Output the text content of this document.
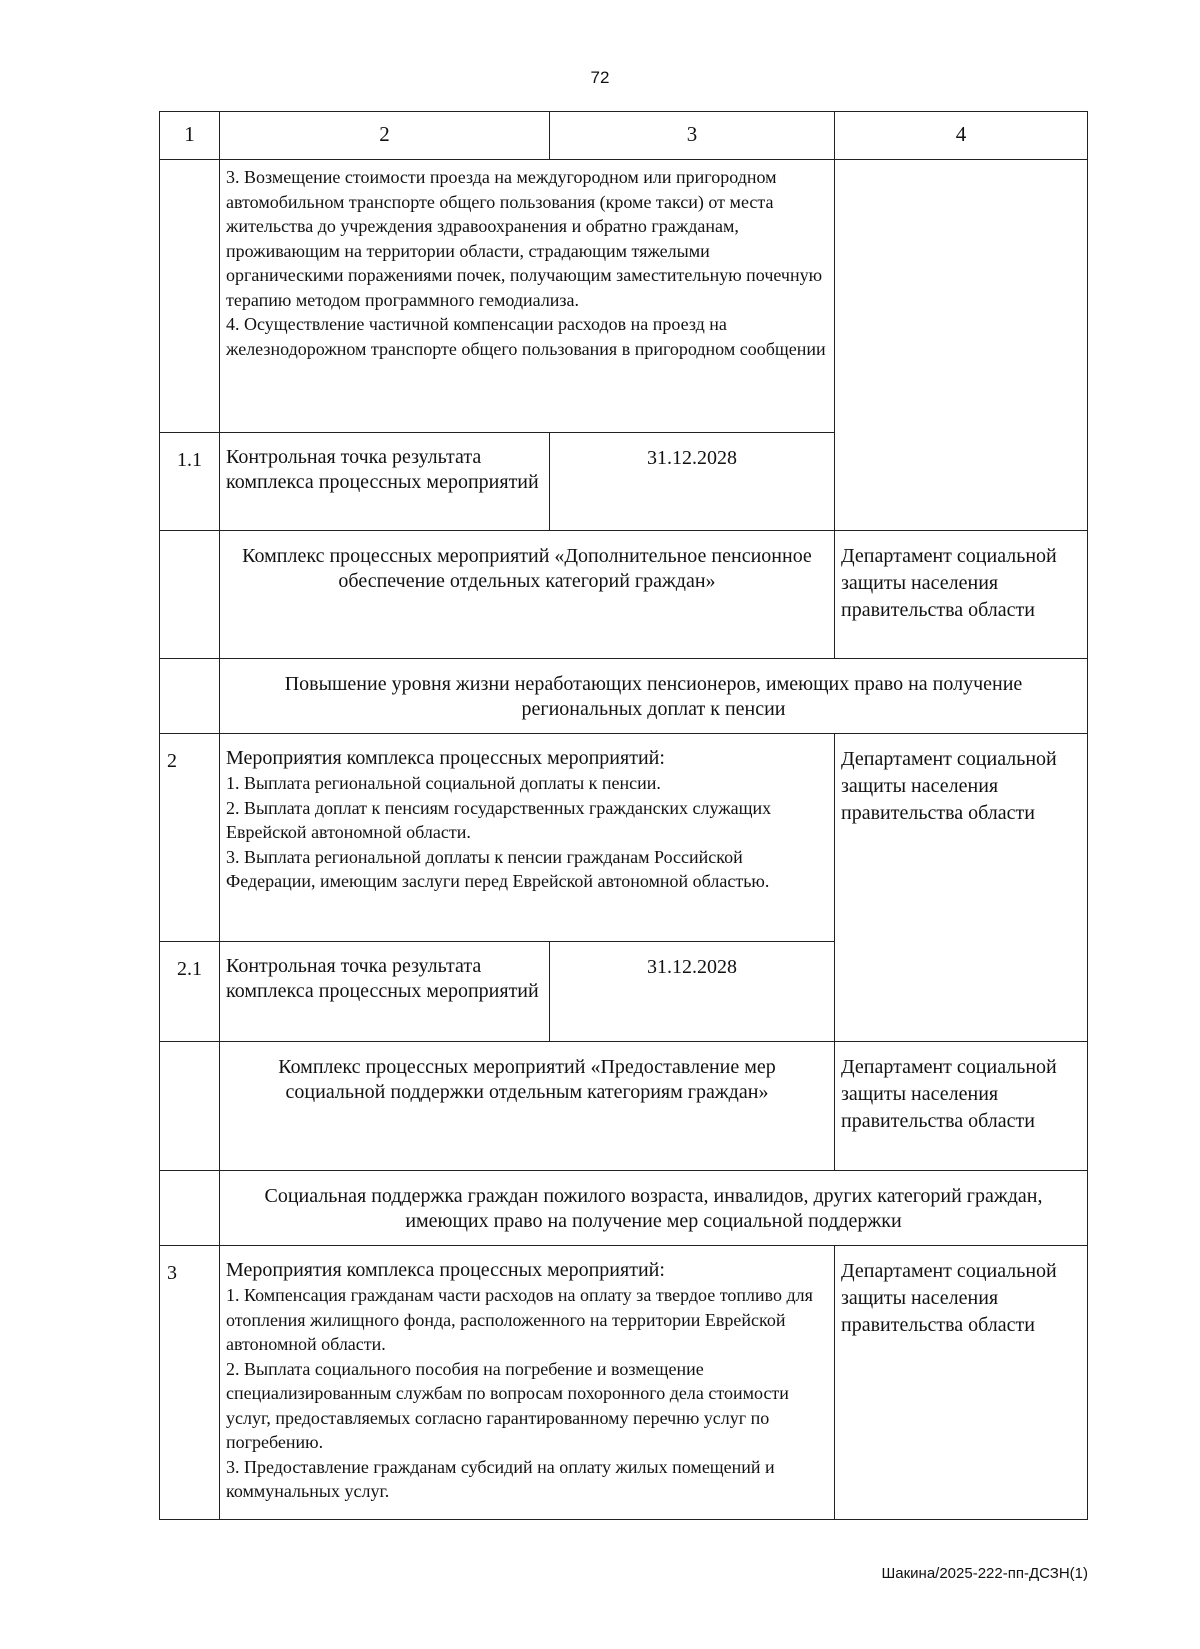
72
1	2	3	4

	3. Возмещение стоимости проезда на междугородном или пригородном автомобильном транспорте общего пользования (кроме такси) от места жительства до учреждения здравоохранения и обратно гражданам, проживающим на территории области, страдающим тяжелыми органическими поражениями почек, получающим заместительную почечную терапию методом программного гемодиализа.
4. Осуществление частичной компенсации расходов на проезд на железнодорожном транспорте общего пользования в пригородном сообщении		

1.1	Контрольная точка результата комплекса процессных мероприятий	31.12.2028	
	Комплекс процессных мероприятий «Дополнительное пенсионное обеспечение отдельных категорий граждан»		Департамент социальной защиты населения правительства области
	Повышение уровня жизни неработающих пенсионеров, имеющих право на получение региональных доплат к пенсии		
2	Мероприятия комплекса процессных мероприятий:
1. Выплата региональной социальной доплаты к пенсии.
2. Выплата доплат к пенсиям государственных гражданских служащих Еврейской автономной области.
3. Выплата региональной доплаты к пенсии гражданам Российской Федерации, имеющим заслуги перед Еврейской автономной областью.		Департамент социальной защиты населения правительства области
2.1	Контрольная точка результата комплекса процессных мероприятий	31.12.2028	
	Комплекс процессных мероприятий «Предоставление мер социальной поддержки отдельным категориям граждан»		Департамент социальной защиты населения правительства области
	Социальная поддержка граждан пожилого возраста, инвалидов, других категорий граждан, имеющих право на получение мер социальной поддержки		
3	Мероприятия комплекса процессных мероприятий:
1. Компенсация гражданам части расходов на оплату за твердое топливо для отопления жилищного фонда, расположенного на территории Еврейской автономной области.
2. Выплата социального пособия на погребение и возмещение специализированным службам по вопросам похоронного дела стоимости услуг, предоставляемых согласно гарантированному перечню услуг по погребению.
3. Предоставление гражданам субсидий на оплату жилых помещений и коммунальных услуг.		Департамент социальной защиты населения правительства области
Шакина/2025-222-пп-ДСЗН(1)
